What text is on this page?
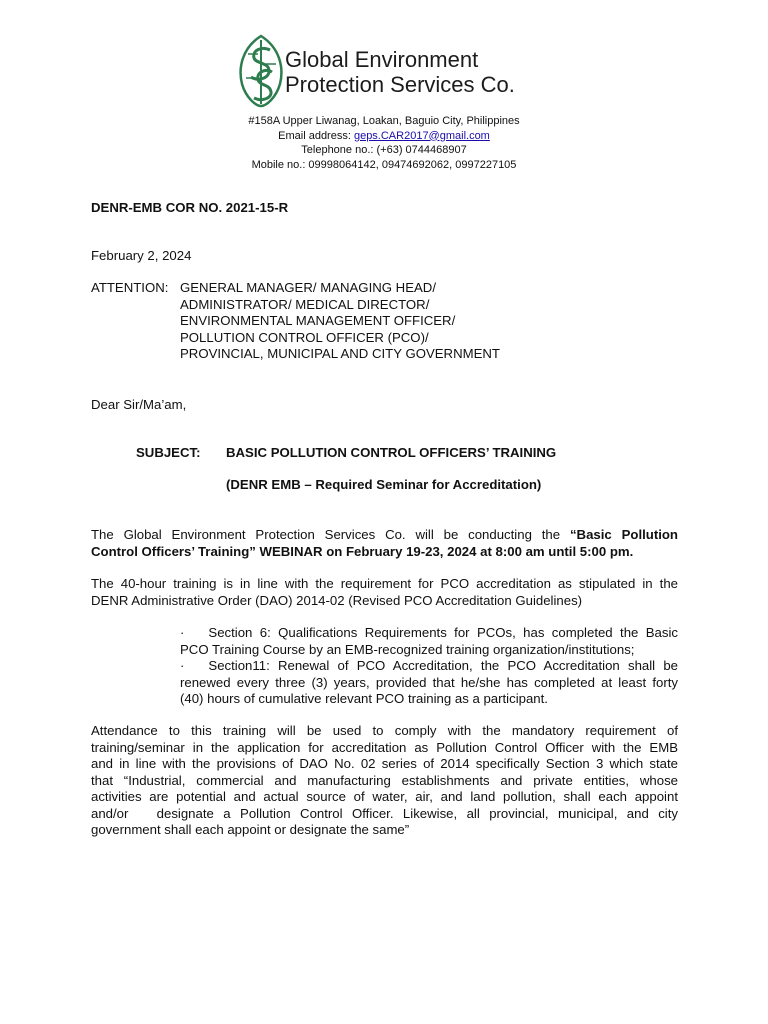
Global Environment
Protection Services Co.
#158A Upper Liwanag, Loakan, Baguio City, Philippines
Email address: geps.CAR2017@gmail.com
Telephone no.: (+63) 0744468907
Mobile no.: 09998064142, 09474692062, 0997227105
DENR-EMB COR NO. 2021-15-R
February 2, 2024
ATTENTION: GENERAL MANAGER/ MANAGING HEAD/
ADMINISTRATOR/ MEDICAL DIRECTOR/
ENVIRONMENTAL MANAGEMENT OFFICER/
POLLUTION CONTROL OFFICER (PCO)/
PROVINCIAL, MUNICIPAL AND CITY GOVERNMENT
Dear Sir/Ma’am,
SUBJECT: BASIC POLLUTION CONTROL OFFICERS’ TRAINING
(DENR EMB – Required Seminar for Accreditation)
The Global Environment Protection Services Co. will be conducting the “Basic Pollution
Control Officers’ Training” WEBINAR on February 19-23, 2024 at 8:00 am until 5:00 pm.
The 40-hour training is in line with the requirement for PCO accreditation as stipulated in the
DENR Administrative Order (DAO) 2014-02 (Revised PCO Accreditation Guidelines)
· Section 6: Qualifications Requirements for PCOs, has completed the Basic
PCO Training Course by an EMB-recognized training organization/institutions;
· Section11: Renewal of PCO Accreditation, the PCO Accreditation shall be
renewed every three (3) years, provided that he/she has completed at least forty
(40) hours of cumulative relevant PCO training as a participant.
Attendance to this training will be used to comply with the mandatory requirement of
training/seminar in the application for accreditation as Pollution Control Officer with the EMB
and in line with the provisions of DAO No. 02 series of 2014 specifically Section 3 which state
that “Industrial, commercial and manufacturing establishments and private entities, whose
activities are potential and actual source of water, air, and land pollution, shall each appoint
and/or   designate a Pollution Control Officer. Likewise, all provincial, municipal, and city
government shall each appoint or designate the same”
